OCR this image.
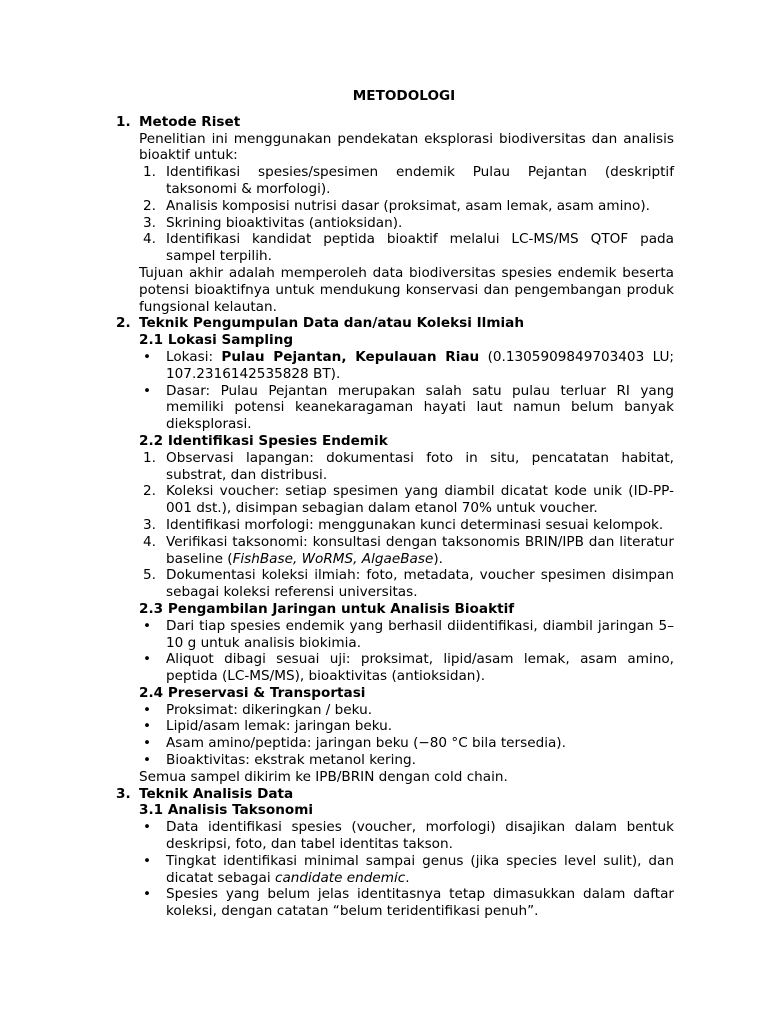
METODOLOGI
1. Metode Riset
Penelitian ini menggunakan pendekatan eksplorasi biodiversitas dan analisis bioaktif untuk:
1. Identifikasi spesies/spesimen endemik Pulau Pejantan (deskriptif taksonomi & morfologi).
2. Analisis komposisi nutrisi dasar (proksimat, asam lemak, asam amino).
3. Skrining bioaktivitas (antioksidan).
4. Identifikasi kandidat peptida bioaktif melalui LC-MS/MS QTOF pada sampel terpilih.
Tujuan akhir adalah memperoleh data biodiversitas spesies endemik beserta potensi bioaktifnya untuk mendukung konservasi dan pengembangan produk fungsional kelautan.
2. Teknik Pengumpulan Data dan/atau Koleksi Ilmiah
2.1 Lokasi Sampling
• Lokasi: Pulau Pejantan, Kepulauan Riau (0.1305909849703403 LU; 107.2316142535828 BT).
• Dasar: Pulau Pejantan merupakan salah satu pulau terluar RI yang memiliki potensi keanekaragaman hayati laut namun belum banyak dieksplorasi.
2.2 Identifikasi Spesies Endemik
1. Observasi lapangan: dokumentasi foto in situ, pencatatan habitat, substrat, dan distribusi.
2. Koleksi voucher: setiap spesimen yang diambil dicatat kode unik (ID-PP-001 dst.), disimpan sebagian dalam etanol 70% untuk voucher.
3. Identifikasi morfologi: menggunakan kunci determinasi sesuai kelompok.
4. Verifikasi taksonomi: konsultasi dengan taksonomis BRIN/IPB dan literatur baseline (FishBase, WoRMS, AlgaeBase).
5. Dokumentasi koleksi ilmiah: foto, metadata, voucher spesimen disimpan sebagai koleksi referensi universitas.
2.3 Pengambilan Jaringan untuk Analisis Bioaktif
• Dari tiap spesies endemik yang berhasil diidentifikasi, diambil jaringan 5–10 g untuk analisis biokimia.
• Aliquot dibagi sesuai uji: proksimat, lipid/asam lemak, asam amino, peptida (LC-MS/MS), bioaktivitas (antioksidan).
2.4 Preservasi & Transportasi
• Proksimat: dikeringkan / beku.
• Lipid/asam lemak: jaringan beku.
• Asam amino/peptida: jaringan beku (−80 °C bila tersedia).
• Bioaktivitas: ekstrak metanol kering.
Semua sampel dikirim ke IPB/BRIN dengan cold chain.
3. Teknik Analisis Data
3.1 Analisis Taksonomi
• Data identifikasi spesies (voucher, morfologi) disajikan dalam bentuk deskripsi, foto, dan tabel identitas takson.
• Tingkat identifikasi minimal sampai genus (jika species level sulit), dan dicatat sebagai candidate endemic.
• Spesies yang belum jelas identitasnya tetap dimasukkan dalam daftar koleksi, dengan catatan “belum teridentifikasi penuh”.
